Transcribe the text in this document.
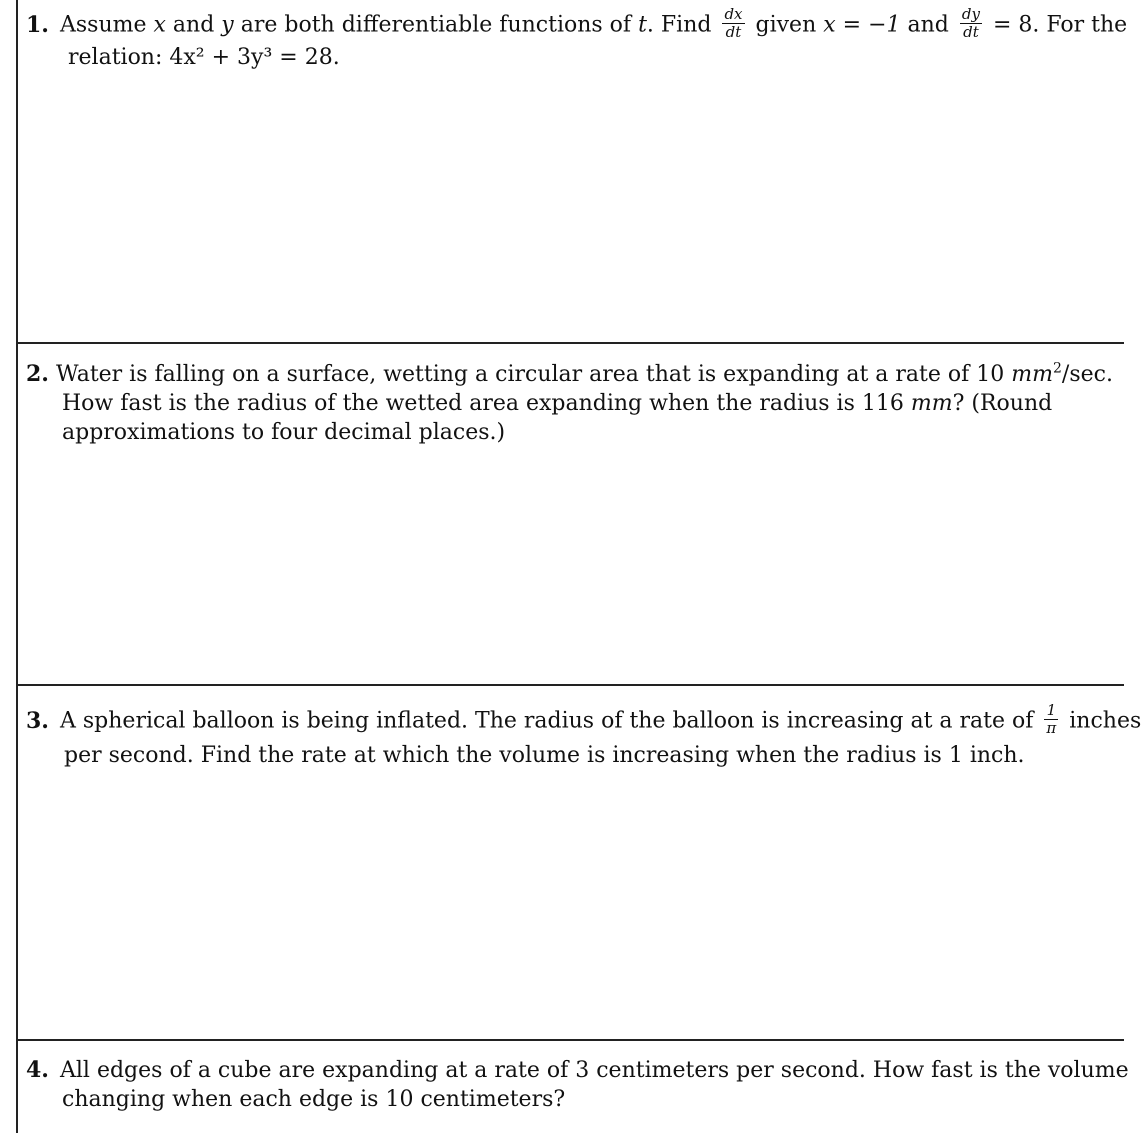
1. Assume x and y are both differentiable functions of t. Find $\frac{dx}{dt}$ given x = −1 and $\frac{dy}{dt} = 8$. For the
relation: 4x² + 3y³ = 28.
2. Water is falling on a surface, wetting a circular area that is expanding at a rate of 10 $mm^2/\sec$.
How fast is the radius of the wetted area expanding when the radius is 116 mm? (Round
approximations to four decimal places.)
3. A spherical balloon is being inflated. The radius of the balloon is increasing at a rate of $\frac{1}{\pi}$ inches
per second. Find the rate at which the volume is increasing when the radius is 1 inch.
4. All edges of a cube are expanding at a rate of 3 centimeters per second. How fast is the volume
changing when each edge is 10 centimeters?
